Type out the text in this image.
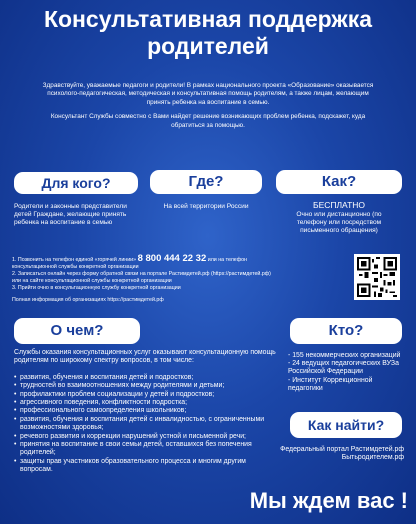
Консультативная поддержка родителей

Здравствуйте, уважаемые педагоги и родители! В рамках национального проекта «Образование» оказывается психолого-педагогическая, методическая и консультативная помощь родителям, а также лицам, желающим принять ребенка на воспитание в семью.

Консультант Службы совместно с Вами найдет решение возникающих проблем ребенка, подскажет, куда обратиться за помощью.

Для кого?
Родители и законные представители детей Граждане, желающие принять ребенка на воспитание в семью
Где?
На всей территории России
Как?
БЕСПЛАТНО
Очно или дистанционно (по телефону или посредством письменного обращения)
1. Позвонить на телефон единой «горячей линии» 8 800 444 22 32 или на телефон
консультационной службы конкретной организации
2. Записаться онлайн через форму обратной связи на портале Растимдетей.рф (https://растимдетей.рф)
или на сайте консультационной службы конкретной организации
3. Прийти очно в консультационную службу конкретной организации
Полная информация об организациях https://растимдетей.рф
О чем?
Службы оказания консультационных услуг оказывают консультационную помощь родителям по широкому спектру вопросов, в том числе:
• развития, обучения и воспитания детей и подростков;
• трудностей во взаимоотношениях между родителями и детьми;
• профилактики проблем социализации у детей и подростков;
• агрессивного поведения, конфликтности подростка;
• профессионального самоопределения школьников;
• развития, обучения и воспитания детей с инвалидностью, с ограниченными возможностями здоровья;
• речевого развития и коррекции нарушений устной и письменной речи;
• принятия на воспитание в свои семьи детей, оставшихся без попечения родителей;
• защиты прав участников образовательного процесса и многим другим вопросам.
Кто?
- 155 некоммерческих организаций
- 24 ведущих педагогических ВУЗа Российской Федерации
- Институт Коррекционной педагогики
Как найти?
Федеральный портал Растимдетей.рф
Бытьродителем.рф
Мы ждем вас !
